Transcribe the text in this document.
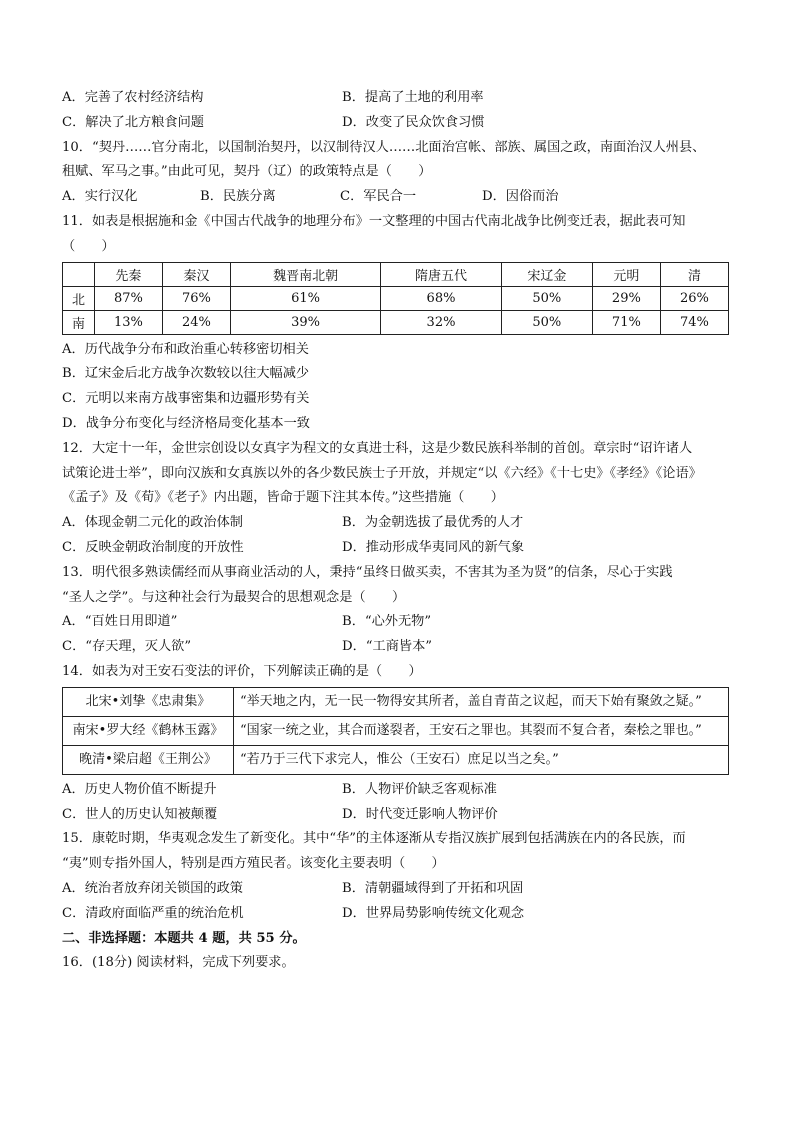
A．完善了农村经济结构	B．提高了土地的利用率
C．解决了北方粮食问题	D．改变了民众饮食习惯
10．“契丹……官分南北，以国制治契丹，以汉制待汉人……北面治宫帐、部族、属国之政，南面治汉人州县、
租赋、军马之事。”由此可见，契丹（辽）的政策特点是（　　）
A．实行汉化	B．民族分离	C．军民合一	D．因俗而治
11．如表是根据施和金《中国古代战争的地理分布》一文整理的中国古代南北战争比例变迁表，据此表可知
（　　）
	先秦	秦汉	魏晋南北朝	隋唐五代	宋辽金	元明	清
北	87%	76%	61%	68%	50%	29%	26%
南	13%	24%	39%	32%	50%	71%	74%
A．历代战争分布和政治重心转移密切相关
B．辽宋金后北方战争次数较以往大幅减少
C．元明以来南方战事密集和边疆形势有关
D．战争分布变化与经济格局变化基本一致
12．大定十一年，金世宗创设以女真字为程文的女真进士科，这是少数民族科举制的首创。章宗时“诏许诸人
试策论进士举”，即向汉族和女真族以外的各少数民族士子开放，并规定“以《六经》《十七史》《孝经》《论语》
《孟子》及《荀》《老子》内出题，皆命于题下注其本传。”这些措施（　　）
A．体现金朝二元化的政治体制	B．为金朝选拔了最优秀的人才
C．反映金朝政治制度的开放性	D．推动形成华夷同风的新气象
13．明代很多熟读儒经而从事商业活动的人，秉持“虽终日做买卖，不害其为圣为贤”的信条，尽心于实践
“圣人之学”。与这种社会行为最契合的思想观念是（　　）
A．“百姓日用即道”	B．“心外无物”
C．“存天理，灭人欲”	D．“工商皆本”
14．如表为对王安石变法的评价，下列解读正确的是（　　）
北宋•刘挚《忠肃集》	“举天地之内，无一民一物得安其所者，盖自青苗之议起，而天下始有聚敛之疑。”
南宋•罗大经《鹤林玉露》	“国家一统之业，其合而遂裂者，王安石之罪也。其裂而不复合者，秦桧之罪也。”
晚清•梁启超《王荆公》	“若乃于三代下求完人，惟公（王安石）庶足以当之矣。”
A．历史人物价值不断提升	B．人物评价缺乏客观标准
C．世人的历史认知被颠覆	D．时代变迁影响人物评价
15．康乾时期，华夷观念发生了新变化。其中“华”的主体逐渐从专指汉族扩展到包括满族在内的各民族，而
“夷”则专指外国人，特别是西方殖民者。该变化主要表明（　　）
A．统治者放弃闭关锁国的政策	B．清朝疆域得到了开拓和巩固
C．清政府面临严重的统治危机	D．世界局势影响传统文化观念
二、非选择题：本题共 4 题，共 55 分。
16．(18分) 阅读材料，完成下列要求。
